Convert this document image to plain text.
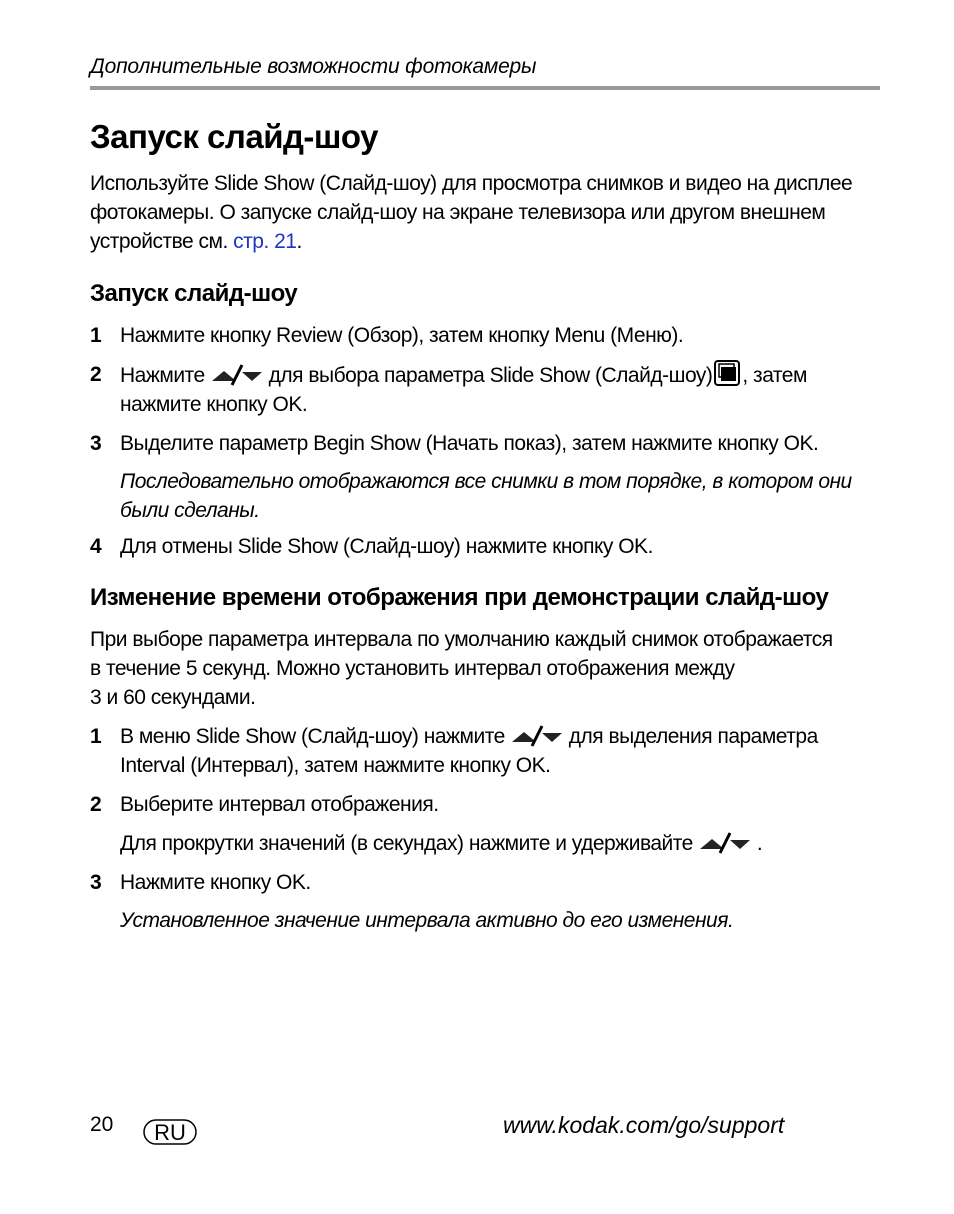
Дополнительные возможности фотокамеры
Запуск слайд-шоу

Используйте Slide Show (Слайд-шоу) для просмотра снимков и видео на дисплее фотокамеры. О запуске слайд-шоу на экране телевизора или другом внешнем устройстве см. стр. 21.

Запуск слайд-шоу
1 Нажмите кнопку Review (Обзор), затем кнопку Menu (Меню).
2 Нажмите	для выбора параметра Slide Show (Слайд-шоу) , затем нажмите кнопку OK.
3 Выделите параметр Begin Show (Начать показ), затем нажмите кнопку OK.

Последовательно отображаются все снимки в том порядке, в котором они были сделаны.

4 Для отмены Slide Show (Слайд-шоу) нажмите кнопку OK.
Изменение времени отображения при демонстрации слайд-шоу
При выборе параметра интервала по умолчанию каждый снимок отображается
в течение 5 секунд. Можно установить интервал отображения между
3 и 60 секундами.
1 В меню Slide Show (Слайд-шоу) нажмите	для выделения параметра Interval (Интервал), затем нажмите кнопку OK.
2 Выберите интервал отображения.

Для прокрутки значений (в секундах) нажмите и удерживайте	.

3 Нажмите кнопку OK.

Установленное значение интервала активно до его изменения.

20 RU	www.kodak.com/go/support
